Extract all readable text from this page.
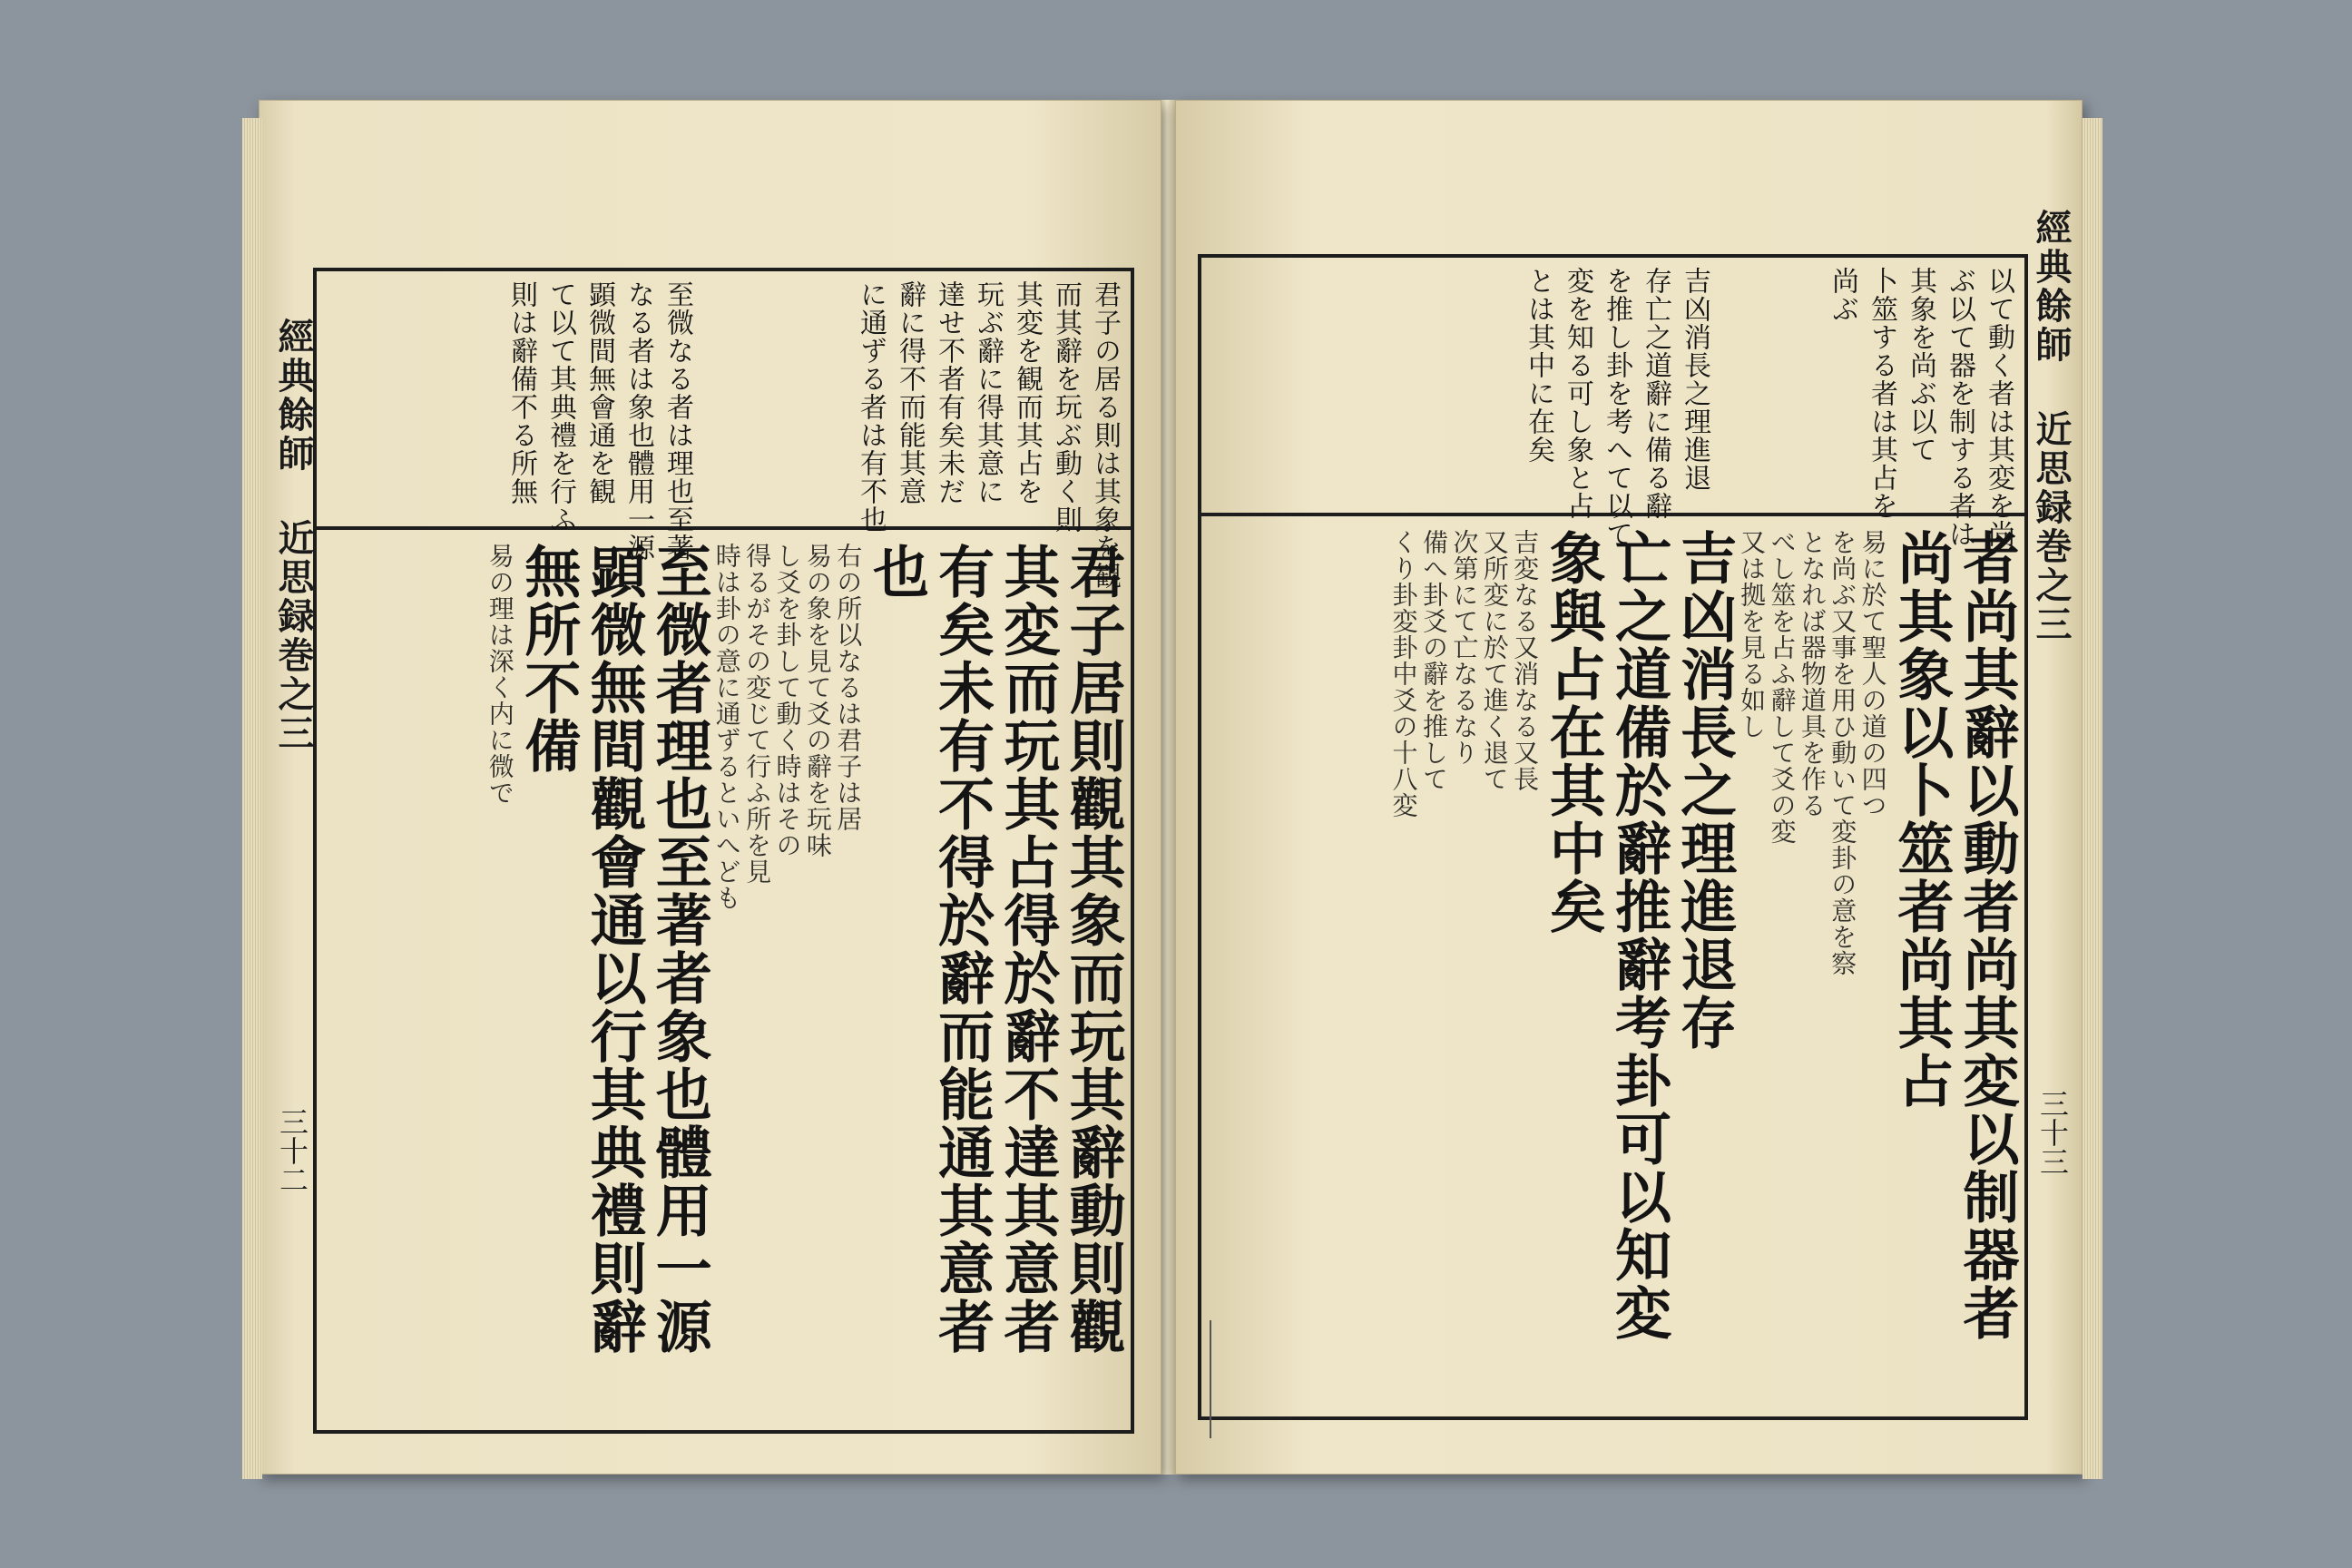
經典餘師 近思録巻之三
三十二
君子の居る則は其象を観
而其辭を玩ぶ動く則
其変を観而其占を
玩ぶ辭に得其意に
達せ不者有矣未だ
辭に得不而能其意
に通ずる者は有不也
至微なる者は理也至著
なる者は象也體用一源
顕微間無會通を観
て以て其典禮を行ふ
則は辭備不る所無
君子居則觀其象而玩其辭動則觀
其変而玩其占得於辭不達其意者
有矣未有不得於辭而能通其意者
也
右の所以なるは君子は居
易の象を見て爻の辭を玩味
し爻を卦して動く時はその
得るがその変じて行ふ所を見
時は卦の意に通ずるといへども
至微者理也至著者象也體用一源
顕微無間觀會通以行其典禮則辭
無所不備
易の理は深く内に微で
經典餘師 近思録巻之三
三十三
以て動く者は其変を尚
ぶ以て器を制する者は
其象を尚ぶ以て
卜筮する者は其占を
尚ぶ
吉凶消長之理進退
存亡之道辭に備る辭
を推し卦を考へて以て
変を知る可し象と占
とは其中に在矣
者尚其辭以動者尚其変以制器者
尚其象以卜筮者尚其占
易に於て聖人の道の四つ
を尚ぶ又事を用ひ動いて変卦の意を察
となれば器物道具を作る
べし筮を占ふ辭して爻の変
又は拠を見る如し
吉凶消長之理進退存
亡之道備於辭推辭考卦可以知変
象與占在其中矣
吉変なる又消なる又長
又所変に於て進く退て
次第にて亡なるなり
備へ卦爻の辭を推して
くり卦変卦中爻の十八変
